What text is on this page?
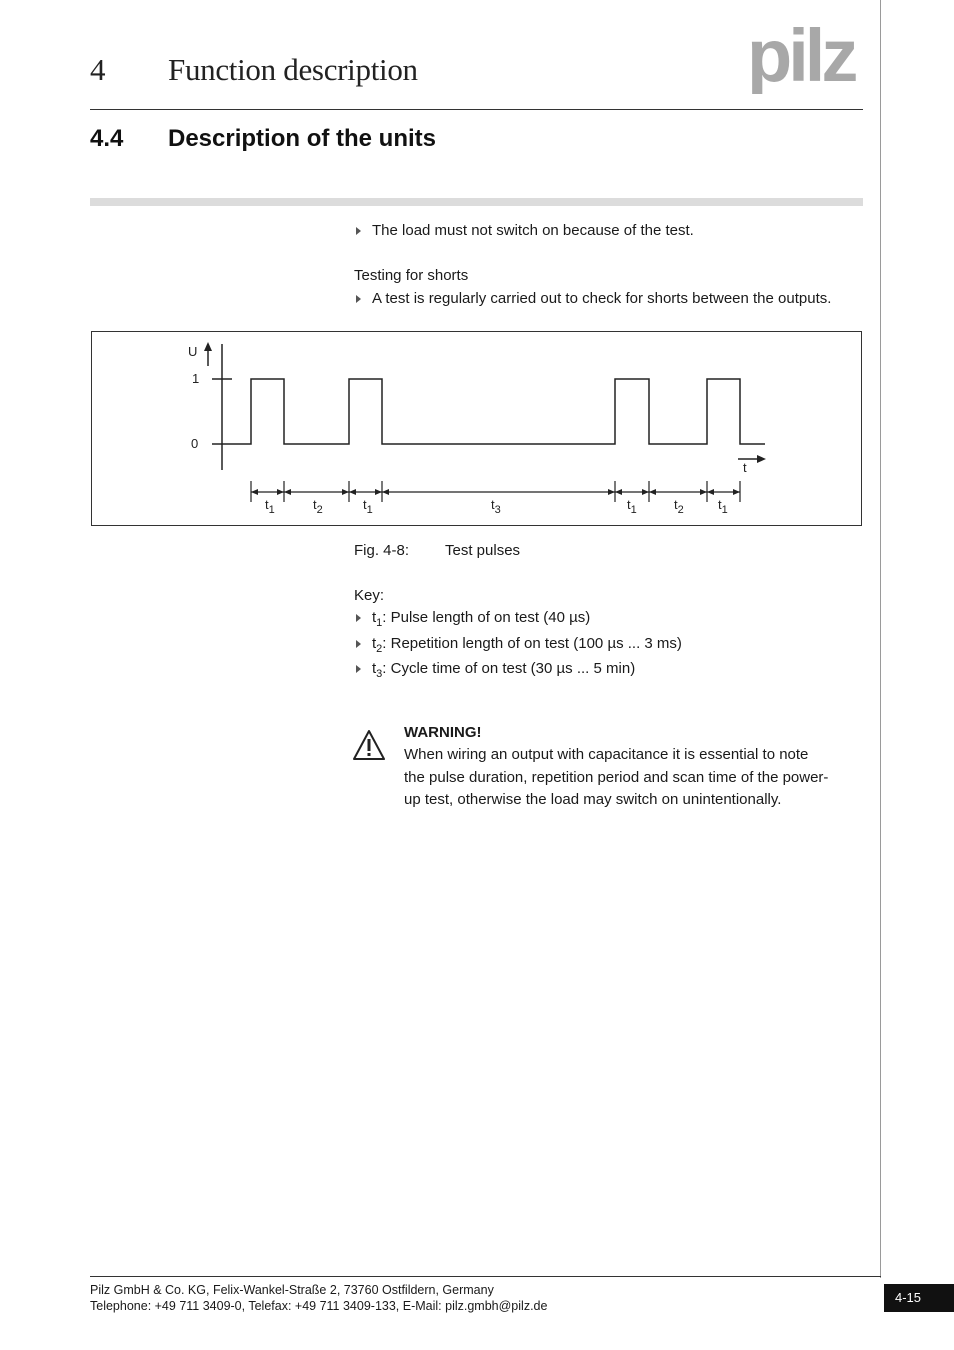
4 Function description	pilz
4.4 Description of the units
The load must not switch on because of the test.
Testing for shorts
A test is regularly carried out to check for shorts between the outputs.
U
1
0
t
$t_1$	$t_2$	$t_1$	$t_3$	$t_1$	$t_2$	$t_1$
Fig. 4-8: Test pulses
Key:
$t_1$: Pulse length of on test (40 µs)
$t_2$: Repetition length of on test (100 µs ... 3 ms)
$t_3$: Cycle time of on test (30 µs ... 5 min)
WARNING!
When wiring an output with capacitance it is essential to note
the pulse duration, repetition period and scan time of the power-
up test, otherwise the load may switch on unintentionally.
Pilz GmbH & Co. KG, Felix-Wankel-Straße 2, 73760 Ostfildern, Germany
Telephone: +49 711 3409-0, Telefax: +49 711 3409-133, E-Mail: pilz.gmbh@pilz.de
4-15
